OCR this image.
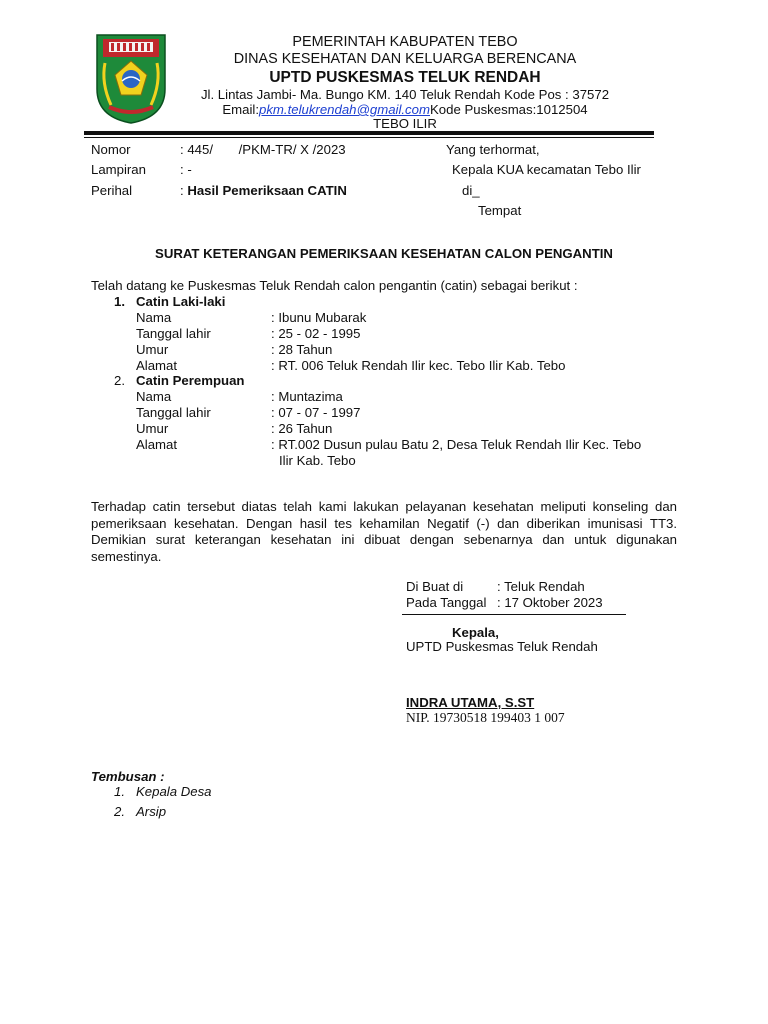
PEMERINTAH KABUPATEN TEBO
DINAS KESEHATAN DAN KELUARGA BERENCANA
UPTD PUSKESMAS TELUK RENDAH
Jl. Lintas Jambi- Ma. Bungo KM. 140 Teluk Rendah Kode Pos : 37572
Email:pkm.telukrendah@gmail.comKode Puskesmas:1012504
TEBO ILIR
Nomor	: 445/       /PKM-TR/ X /2023
Lampiran	: -
Perihal	: Hasil Pemeriksaan CATIN
Yang terhormat,
Kepala KUA kecamatan Tebo Ilir
di_
Tempat
SURAT KETERANGAN PEMERIKSAAN KESEHATAN CALON PENGANTIN
Telah datang ke Puskesmas Teluk Rendah calon pengantin (catin) sebagai berikut :
1. Catin Laki-laki
Nama	: Ibunu Mubarak
Tanggal lahir	: 25 - 02 - 1995
Umur	: 28 Tahun
Alamat	: RT. 006 Teluk Rendah Ilir kec. Tebo Ilir Kab. Tebo
2. Catin Perempuan
Nama	: Muntazima
Tanggal lahir	: 07 - 07 - 1997
Umur	: 26 Tahun
Alamat	: RT.002 Dusun pulau Batu 2, Desa Teluk Rendah Ilir Kec. Tebo
Ilir Kab. Tebo
Terhadap catin tersebut diatas telah kami lakukan pelayanan kesehatan meliputi konseling dan pemeriksaan kesehatan. Dengan hasil tes kehamilan Negatif (-) dan diberikan imunisasi TT3. Demikian surat keterangan kesehatan ini dibuat dengan sebenarnya dan untuk digunakan semestinya.
Di Buat di	: Teluk Rendah
Pada Tanggal : 17 Oktober 2023
Kepala,
UPTD Puskesmas Teluk Rendah
INDRA UTAMA, S.ST
NIP. 19730518 199403 1 007
Tembusan :
1. Kepala Desa
2. Arsip
